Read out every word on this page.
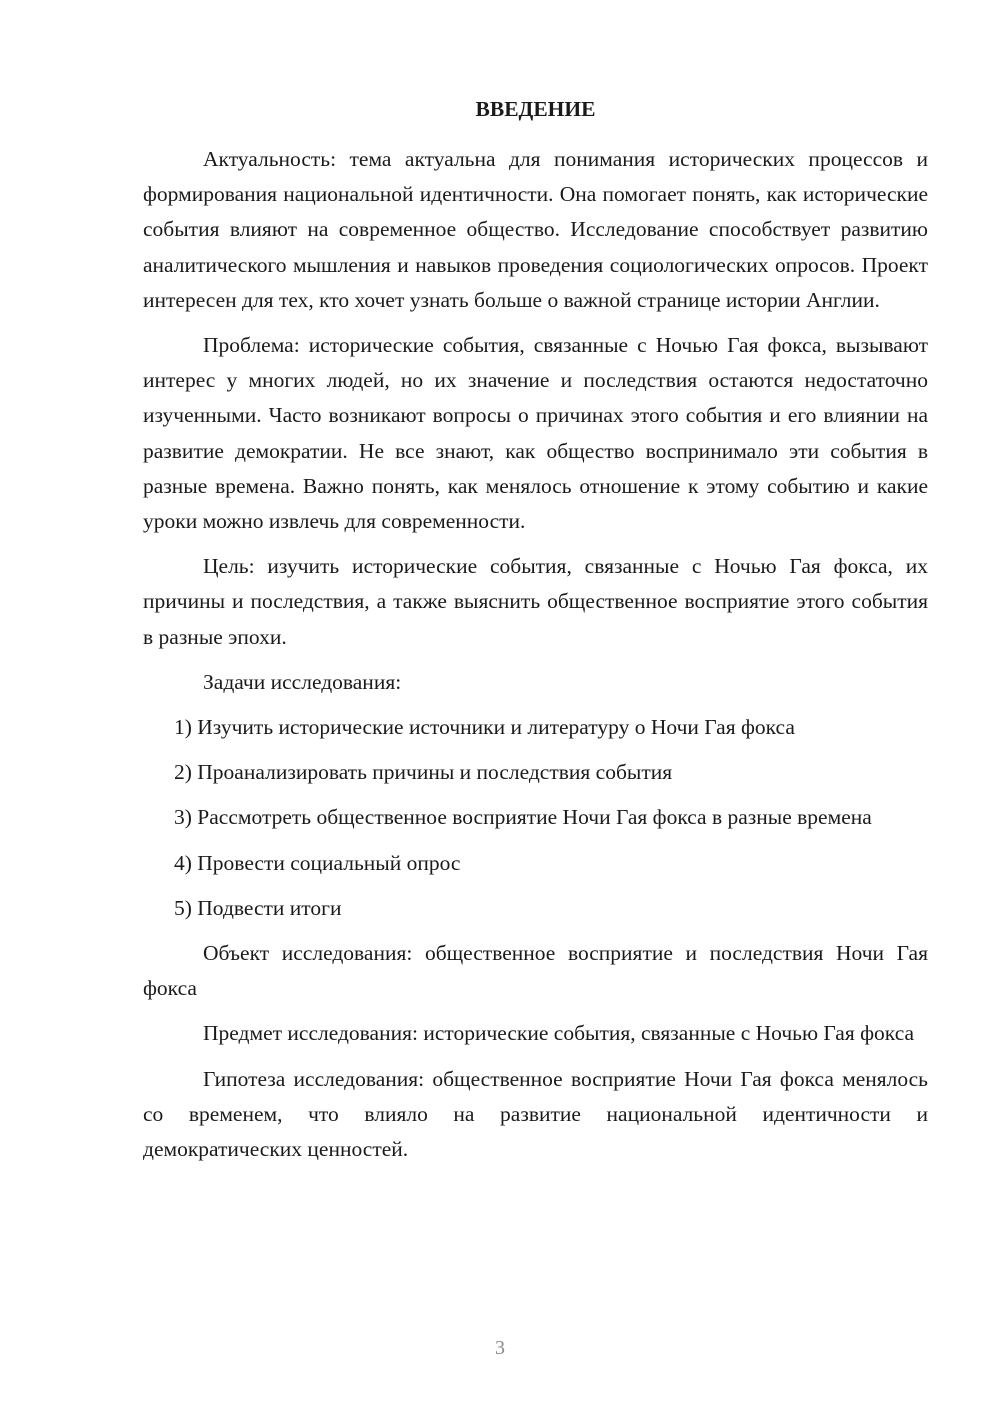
ВВЕДЕНИЕ

Актуальность: тема актуальна для понимания исторических процессов и формирования национальной идентичности. Она помогает понять, как исторические события влияют на современное общество. Исследование способствует развитию аналитического мышления и навыков проведения социологических опросов. Проект интересен для тех, кто хочет узнать больше о важной странице истории Англии.

Проблема: исторические события, связанные с Ночью Гая фокса, вызывают интерес у многих людей, но их значение и последствия остаются недостаточно изученными. Часто возникают вопросы о причинах этого события и его влиянии на развитие демократии. Не все знают, как общество воспринимало эти события в разные времена. Важно понять, как менялось отношение к этому событию и какие уроки можно извлечь для современности.

Цель: изучить исторические события, связанные с Ночью Гая фокса, их причины и последствия, а также выяснить общественное восприятие этого события в разные эпохи.

Задачи исследования:

1) Изучить исторические источники и литературу о Ночи Гая фокса

2) Проанализировать причины и последствия события

3) Рассмотреть общественное восприятие Ночи Гая фокса в разные времена

4) Провести социальный опрос

5) Подвести итоги

Объект исследования: общественное восприятие и последствия Ночи Гая фокса

Предмет исследования: исторические события, связанные с Ночью Гая фокса

Гипотеза исследования: общественное восприятие Ночи Гая фокса менялось со временем, что влияло на развитие национальной идентичности и демократических ценностей.

3
